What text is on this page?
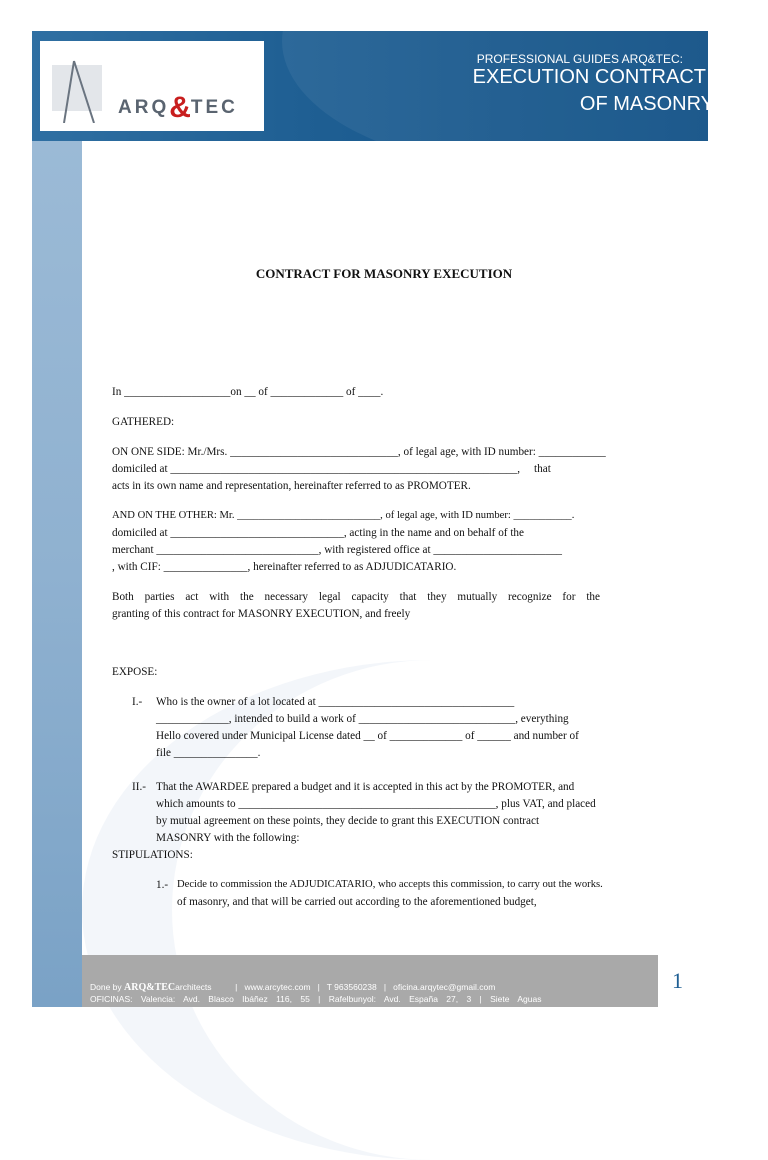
ARQ&TEC
PROFESSIONAL GUIDES ARQ&TEC:
EXECUTION CONTRACT
OF MASONRY
CONTRACT FOR MASONRY EXECUTION
In ___________________on __ of _____________ of ____.
GATHERED:
ON ONE SIDE: Mr./Mrs. ______________________________, of legal age, with ID number: ____________
domiciled at ______________________________________________________________, that
acts in its own name and representation, hereinafter referred to as PROMOTER.
AND ON THE OTHER: Mr. ___________________________, of legal age, with ID number: ___________.
domiciled at _______________________________, acting in the name and on behalf of the
merchant _____________________________, with registered office at _______________________
, with CIF: _______________, hereinafter referred to as ADJUDICATARIO.
Both parties act with the necessary legal capacity that they mutually recognize for the
granting of this contract for MASONRY EXECUTION, and freely
EXPOSE:
I.- Who is the owner of a lot located at ___________________________________
_____________, intended to build a work of ____________________________, everything
Hello covered under Municipal License dated __ of _____________ of ______ and number of
file _______________.
II.- That the AWARDEE prepared a budget and it is accepted in this act by the PROMOTER, and
which amounts to ______________________________________________, plus VAT, and placed
by mutual agreement on these points, they decide to grant this EXECUTION contract
MASONRY with the following:
STIPULATIONS:
1.- Decide to commission the ADJUDICATARIO, who accepts this commission, to carry out the works.
of masonry, and that will be carried out according to the aforementioned budget,
Done by ARQ&TECarchitects          |   www.arcytec.com   |   T 963560238   |   oficina.arqytec@gmail.com
OFICINAS: Valencia: Avd. Blasco Ibáñez 116, 55 | Rafelbunyol: Avd. España 27, 3 | Siete Aguas
1
